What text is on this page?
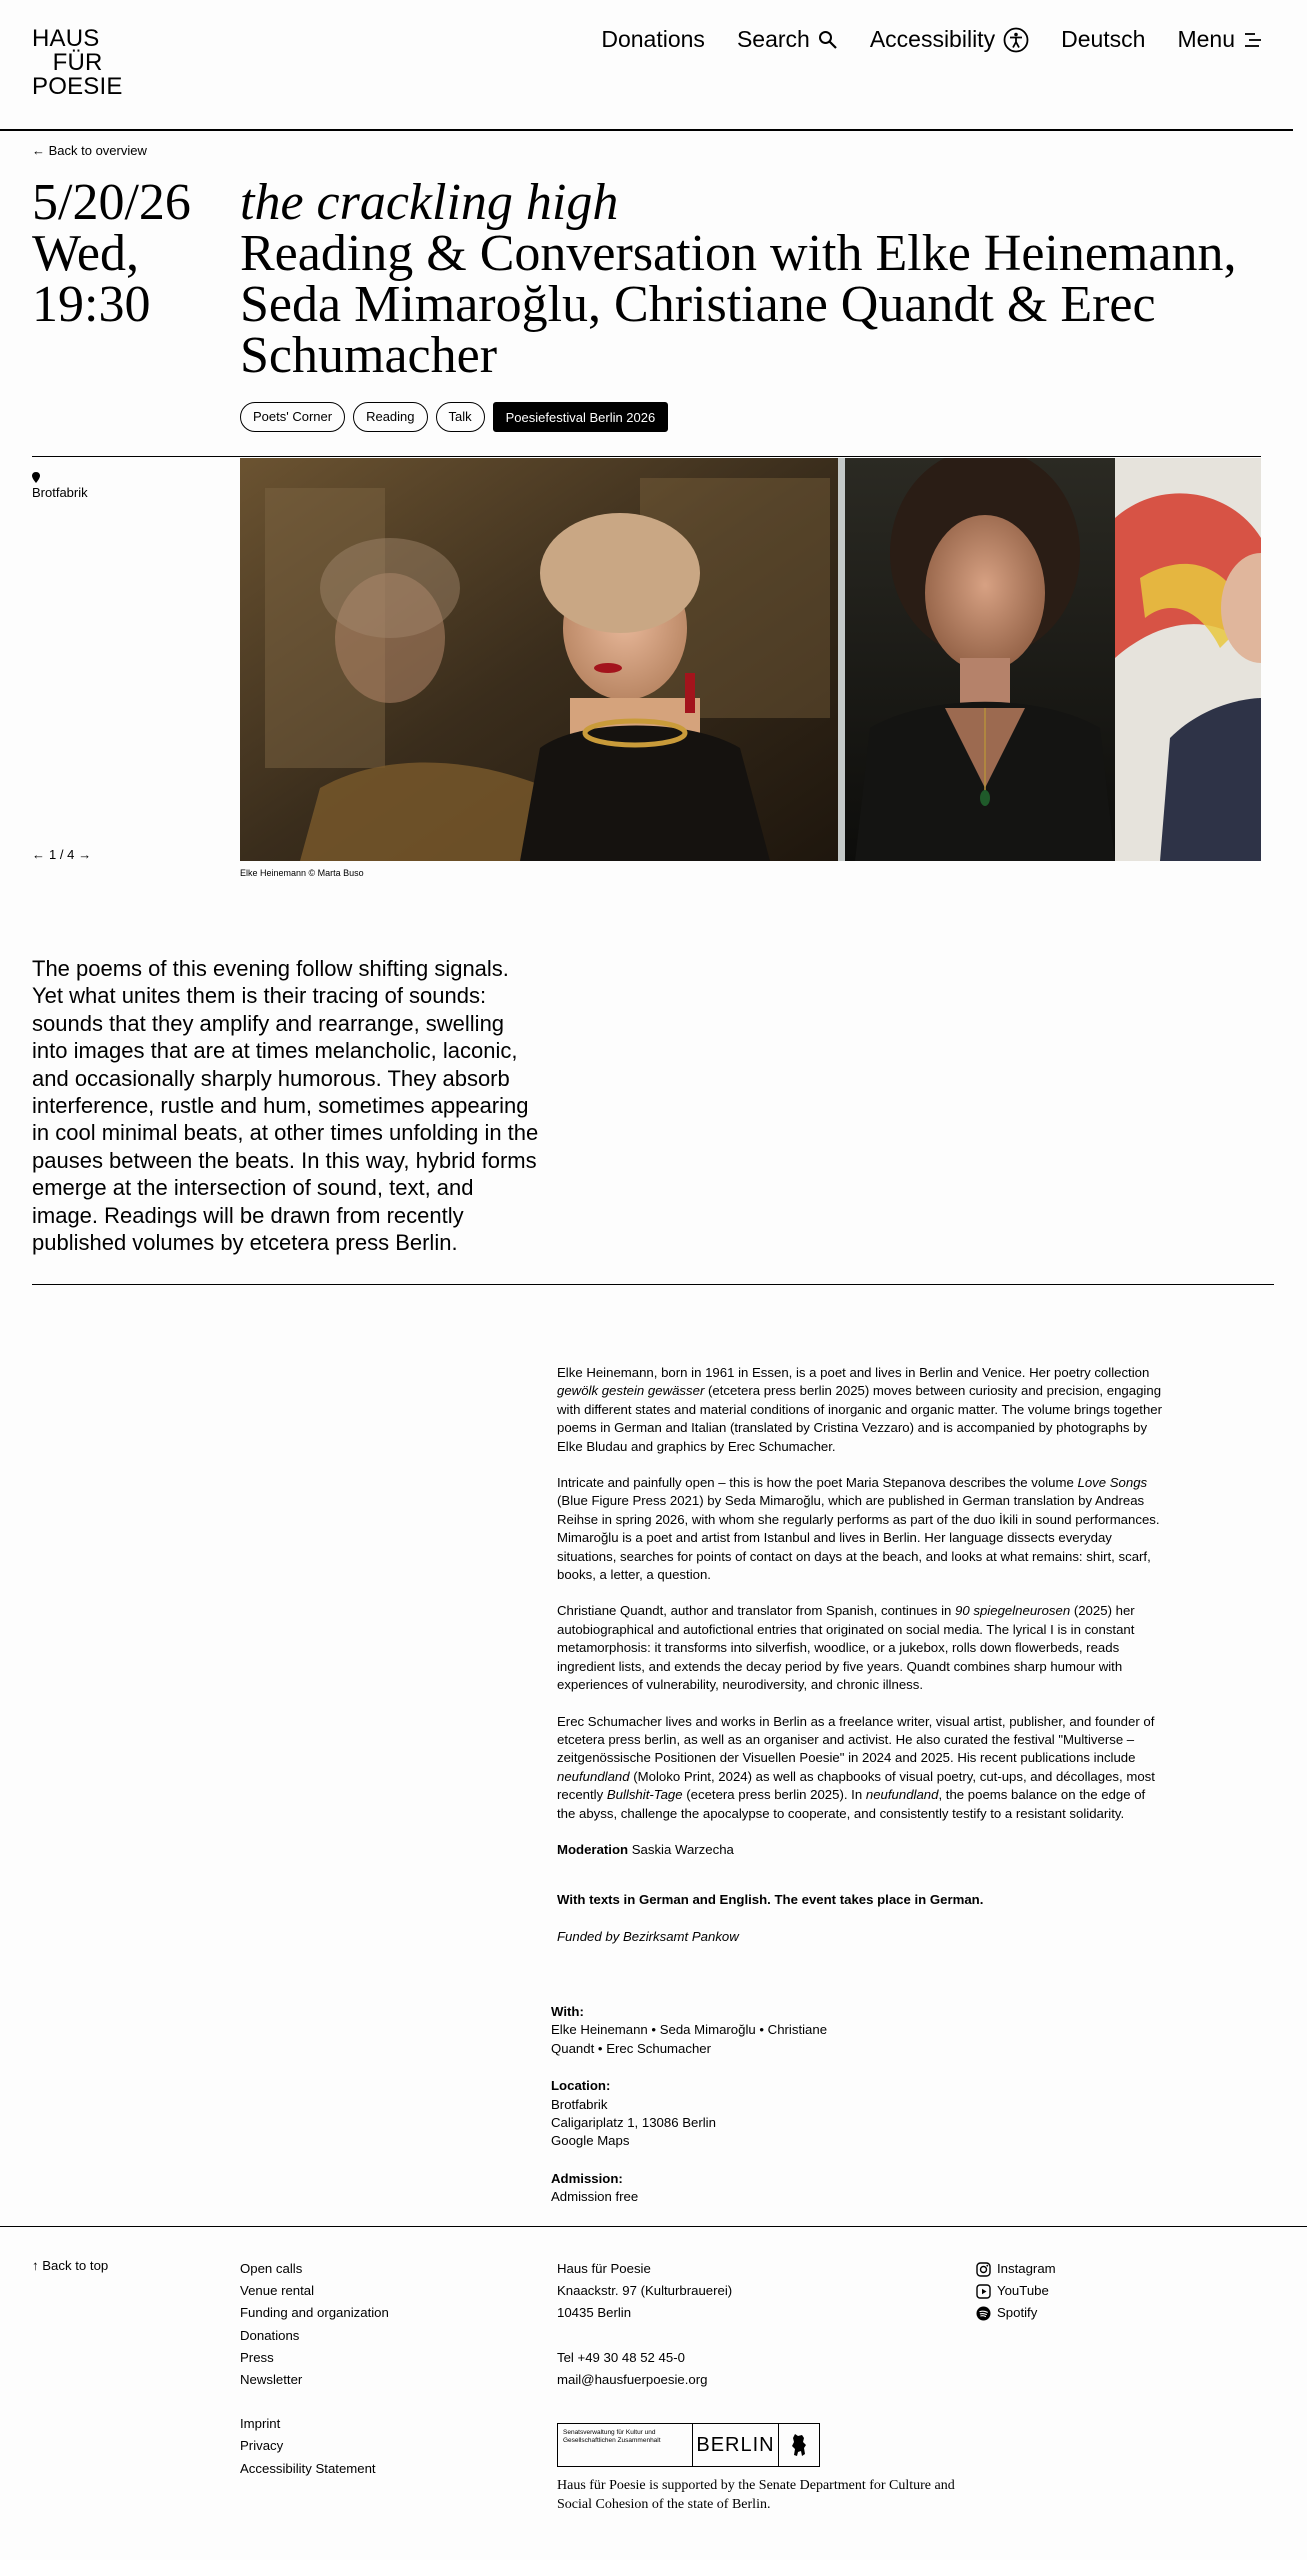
HAUS
FÜR
POESIE
Donations Search	Accessibility	Deutsch Menu
← Back to overview
5/20/26
Wed,
19:30
the crackling high
Reading & Conversation with Elke Heinemann, Seda Mimaroğlu, Christiane Quandt & Erec Schumacher
Poets' Corner	Reading	Talk	Poesiefestival Berlin 2026
Brotfabrik
← 1 / 4 →
Elke Heinemann © Marta Buso

The poems of this evening follow shifting signals. Yet what unites them is their tracing of sounds: sounds that they amplify and rearrange, swelling into images that are at times melancholic, laconic, and occasionally sharply humorous. They absorb interference, rustle and hum, sometimes appearing in cool minimal beats, at other times unfolding in the pauses between the beats. In this way, hybrid forms emerge at the intersection of sound, text, and image. Readings will be drawn from recently published volumes by etcetera press Berlin.

Elke Heinemann, born in 1961 in Essen, is a poet and lives in Berlin and Venice. Her poetry collection gewölk gestein gewässer (etcetera press berlin 2025) moves between curiosity and precision, engaging with different states and material conditions of inorganic and organic matter. The volume brings together poems in German and Italian (translated by Cristina Vezzaro) and is accompanied by photographs by Elke Bludau and graphics by Erec Schumacher.

Intricate and painfully open – this is how the poet Maria Stepanova describes the volume Love Songs (Blue Figure Press 2021) by Seda Mimaroğlu, which are published in German translation by Andreas Reihse in spring 2026, with whom she regularly performs as part of the duo İkili in sound performances. Mimaroğlu is a poet and artist from Istanbul and lives in Berlin. Her language dissects everyday situations, searches for points of contact on days at the beach, and looks at what remains: shirt, scarf, books, a letter, a question.

Christiane Quandt, author and translator from Spanish, continues in 90 spiegelneurosen (2025) her autobiographical and autofictional entries that originated on social media. The lyrical I is in constant metamorphosis: it transforms into silverfish, woodlice, or a jukebox, rolls down flowerbeds, reads ingredient lists, and extends the decay period by five years. Quandt combines sharp humour with experiences of vulnerability, neurodiversity, and chronic illness.

Erec Schumacher lives and works in Berlin as a freelance writer, visual artist, publisher, and founder of etcetera press berlin, as well as an organiser and activist. He also curated the festival "Multiverse – zeitgenössische Positionen der Visuellen Poesie" in 2024 and 2025. His recent publications include neufundland (Moloko Print, 2024) as well as chapbooks of visual poetry, cut-ups, and décollages, most recently Bullshit-Tage (ecetera press berlin 2025). In neufundland, the poems balance on the edge of the abyss, challenge the apocalypse to cooperate, and consistently testify to a resistant solidarity.

Moderation Saskia Warzecha

With texts in German and English. The event takes place in German.

Funded by Bezirksamt Pankow

With:
Elke Heinemann • Seda Mimaroğlu • Christiane Quandt • Erec Schumacher
Location:
Brotfabrik
Caligariplatz 1, 13086 Berlin
Google Maps
Admission:
Admission free
↑ Back to top	Open calls
Venue rental
Funding and organization
Donations
Press
Newsletter
Imprint
Privacy
Accessibility Statement
Haus für Poesie
Knaackstr. 97 (Kulturbrauerei)
10435 Berlin
Tel +49 30 48 52 45-0
mail@hausfuerpoesie.org
Instagram
YouTube
Spotify
Senatsverwaltung für Kultur und Gesellschaftlichen Zusammenhalt	BERLIN

Haus für Poesie is supported by the Senate Department for Culture and Social Cohesion of the state of Berlin.
